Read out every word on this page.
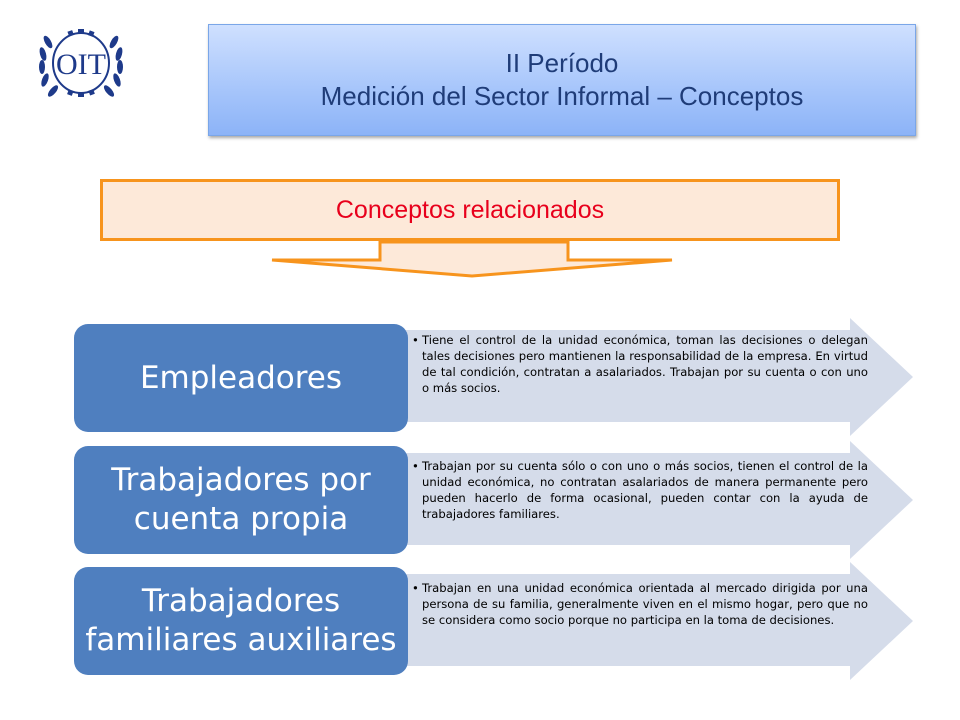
OIT	II Período
Medición del Sector Informal – Conceptos
Conceptos relacionados
Empleadores
• Tiene el control de la unidad económica, toman las decisiones o delegan tales decisiones pero mantienen la responsabilidad de la empresa. En virtud de tal condición, contratan a asalariados. Trabajan por su cuenta o con uno o más socios.
Trabajadores por cuenta propia
• Trabajan por su cuenta sólo o con uno o más socios, tienen el control de la unidad económica, no contratan asalariados de manera permanente pero pueden hacerlo de forma ocasional, pueden contar con la ayuda de trabajadores familiares.
Trabajadores familiares auxiliares
• Trabajan en una unidad económica orientada al mercado dirigida por una persona de su familia, generalmente viven en el mismo hogar, pero que no se considera como socio porque no participa en la toma de decisiones.
